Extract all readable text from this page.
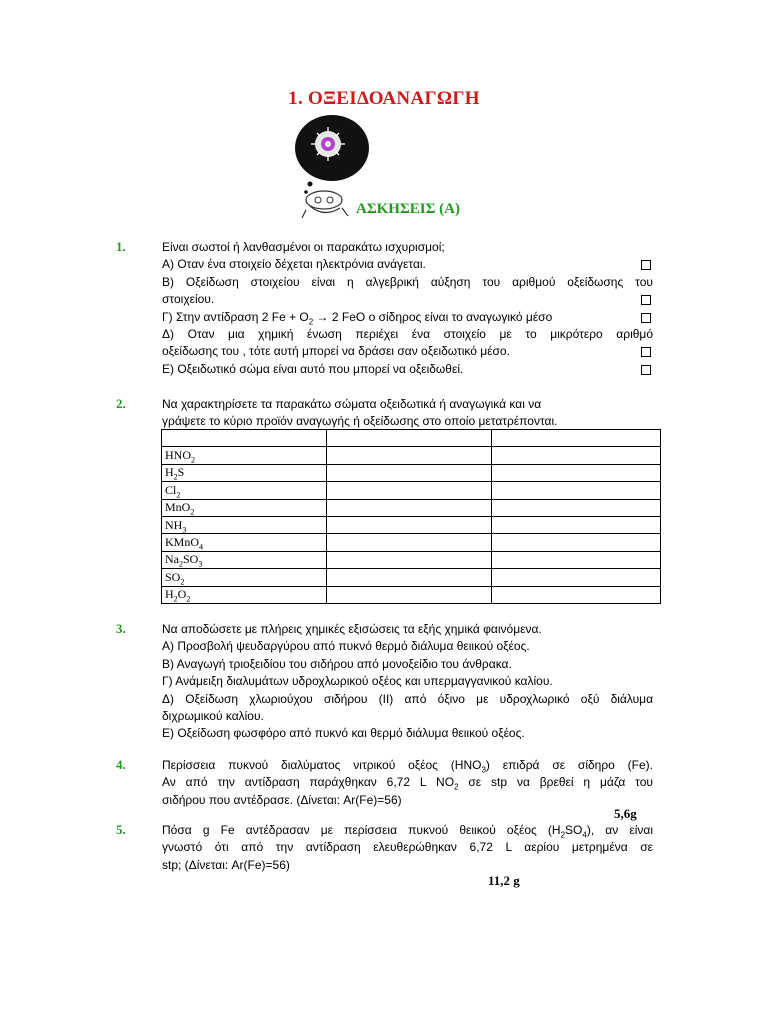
1. ΟΞΕΙΔΟΑΝΑΓΩΓΗ
ΑΣΚΗΣΕΙΣ (Α)
1.	Είναι σωστοί ή λανθασμένοι οι παρακάτω ισχυρισμοί;
Α) Οταν ένα στοιχείο δέχεται ηλεκτρόνια ανάγεται.
Β) Οξείδωση στοιχείου είναι η αλγεβρική αύξηση του αριθμού οξείδωσης του
στοιχείου.
Γ) Στην αντίδραση 2 $Fe + O_2 \to 2$ FeO ο σίδηρος είναι το αναγωγικό μέσο
Δ) Οταν μια χημική ένωση περιέχει ένα στοιχείο με το μικρότερο αριθμό
οξείδωσης του , τότε αυτή μπορεί να δράσει σαν οξειδωτικό μέσο.
Ε) Οξειδωτικό σώμα είναι αυτό που μπορεί να οξειδωθεί.
2.	Να χαρακτηρίσετε τα παρακάτω σώματα οξειδωτικά ή αναγωγικά και να
γράψετε το κύριο προϊόν αναγωγής ή οξείδωσης στο οποίο μετατρέπονται.

$HNO_2$		
$H_2S$		
$Cl_2$		
MnO$_2$		
$NH_3$		
KMnO$_4$		
$Na_2SO_3$		
$SO_2$		
$H_2O_2$		
3.	Να αποδώσετε με πλήρεις χημικές εξισώσεις τα εξής χημικά φαινόμενα.
Α) Προσβολή ψευδαργύρου από πυκνό θερμό διάλυμα θειικού οξέος.
Β) Αναγωγή τριοξειδίου του σιδήρου από μονοξείδιο του άνθρακα.
Γ) Ανάμειξη διαλυμάτων υδροχλωρικού οξέος και υπερμαγγανικού καλίου.
Δ) Οξείδωση χλωριούχου σιδήρου (ΙΙ) από όξινο με υδροχλωρικό οξύ διάλυμα
διχρωμικού καλίου.
Ε) Οξείδωση φωσφόρο από πυκνό και θερμό διάλυμα θειικού οξέος.
4.	Περίσσεια πυκνού διαλύματος νιτρικού οξέος $(HNO_3)$ επιδρά σε σίδηρο (Fe).
Αν από την αντίδραση παράχθηκαν 6,72 L $NO_2$ σε stp να βρεθεί η μάζα του
σιδήρου που αντέδρασε. (Δίνεται: Ar(Fe)=56)
5,6g
5.	Πόσα g Fe αντέδρασαν με περίσσεια πυκνού θειικού οξέος $(H_2SO_4)$, αν είναι
γνωστό ότι από την αντίδραση ελευθερώθηκαν 6,72 L αερίου μετρημένα σε
stp; (Δίνεται: Ar(Fe)=56)
11,2 g
